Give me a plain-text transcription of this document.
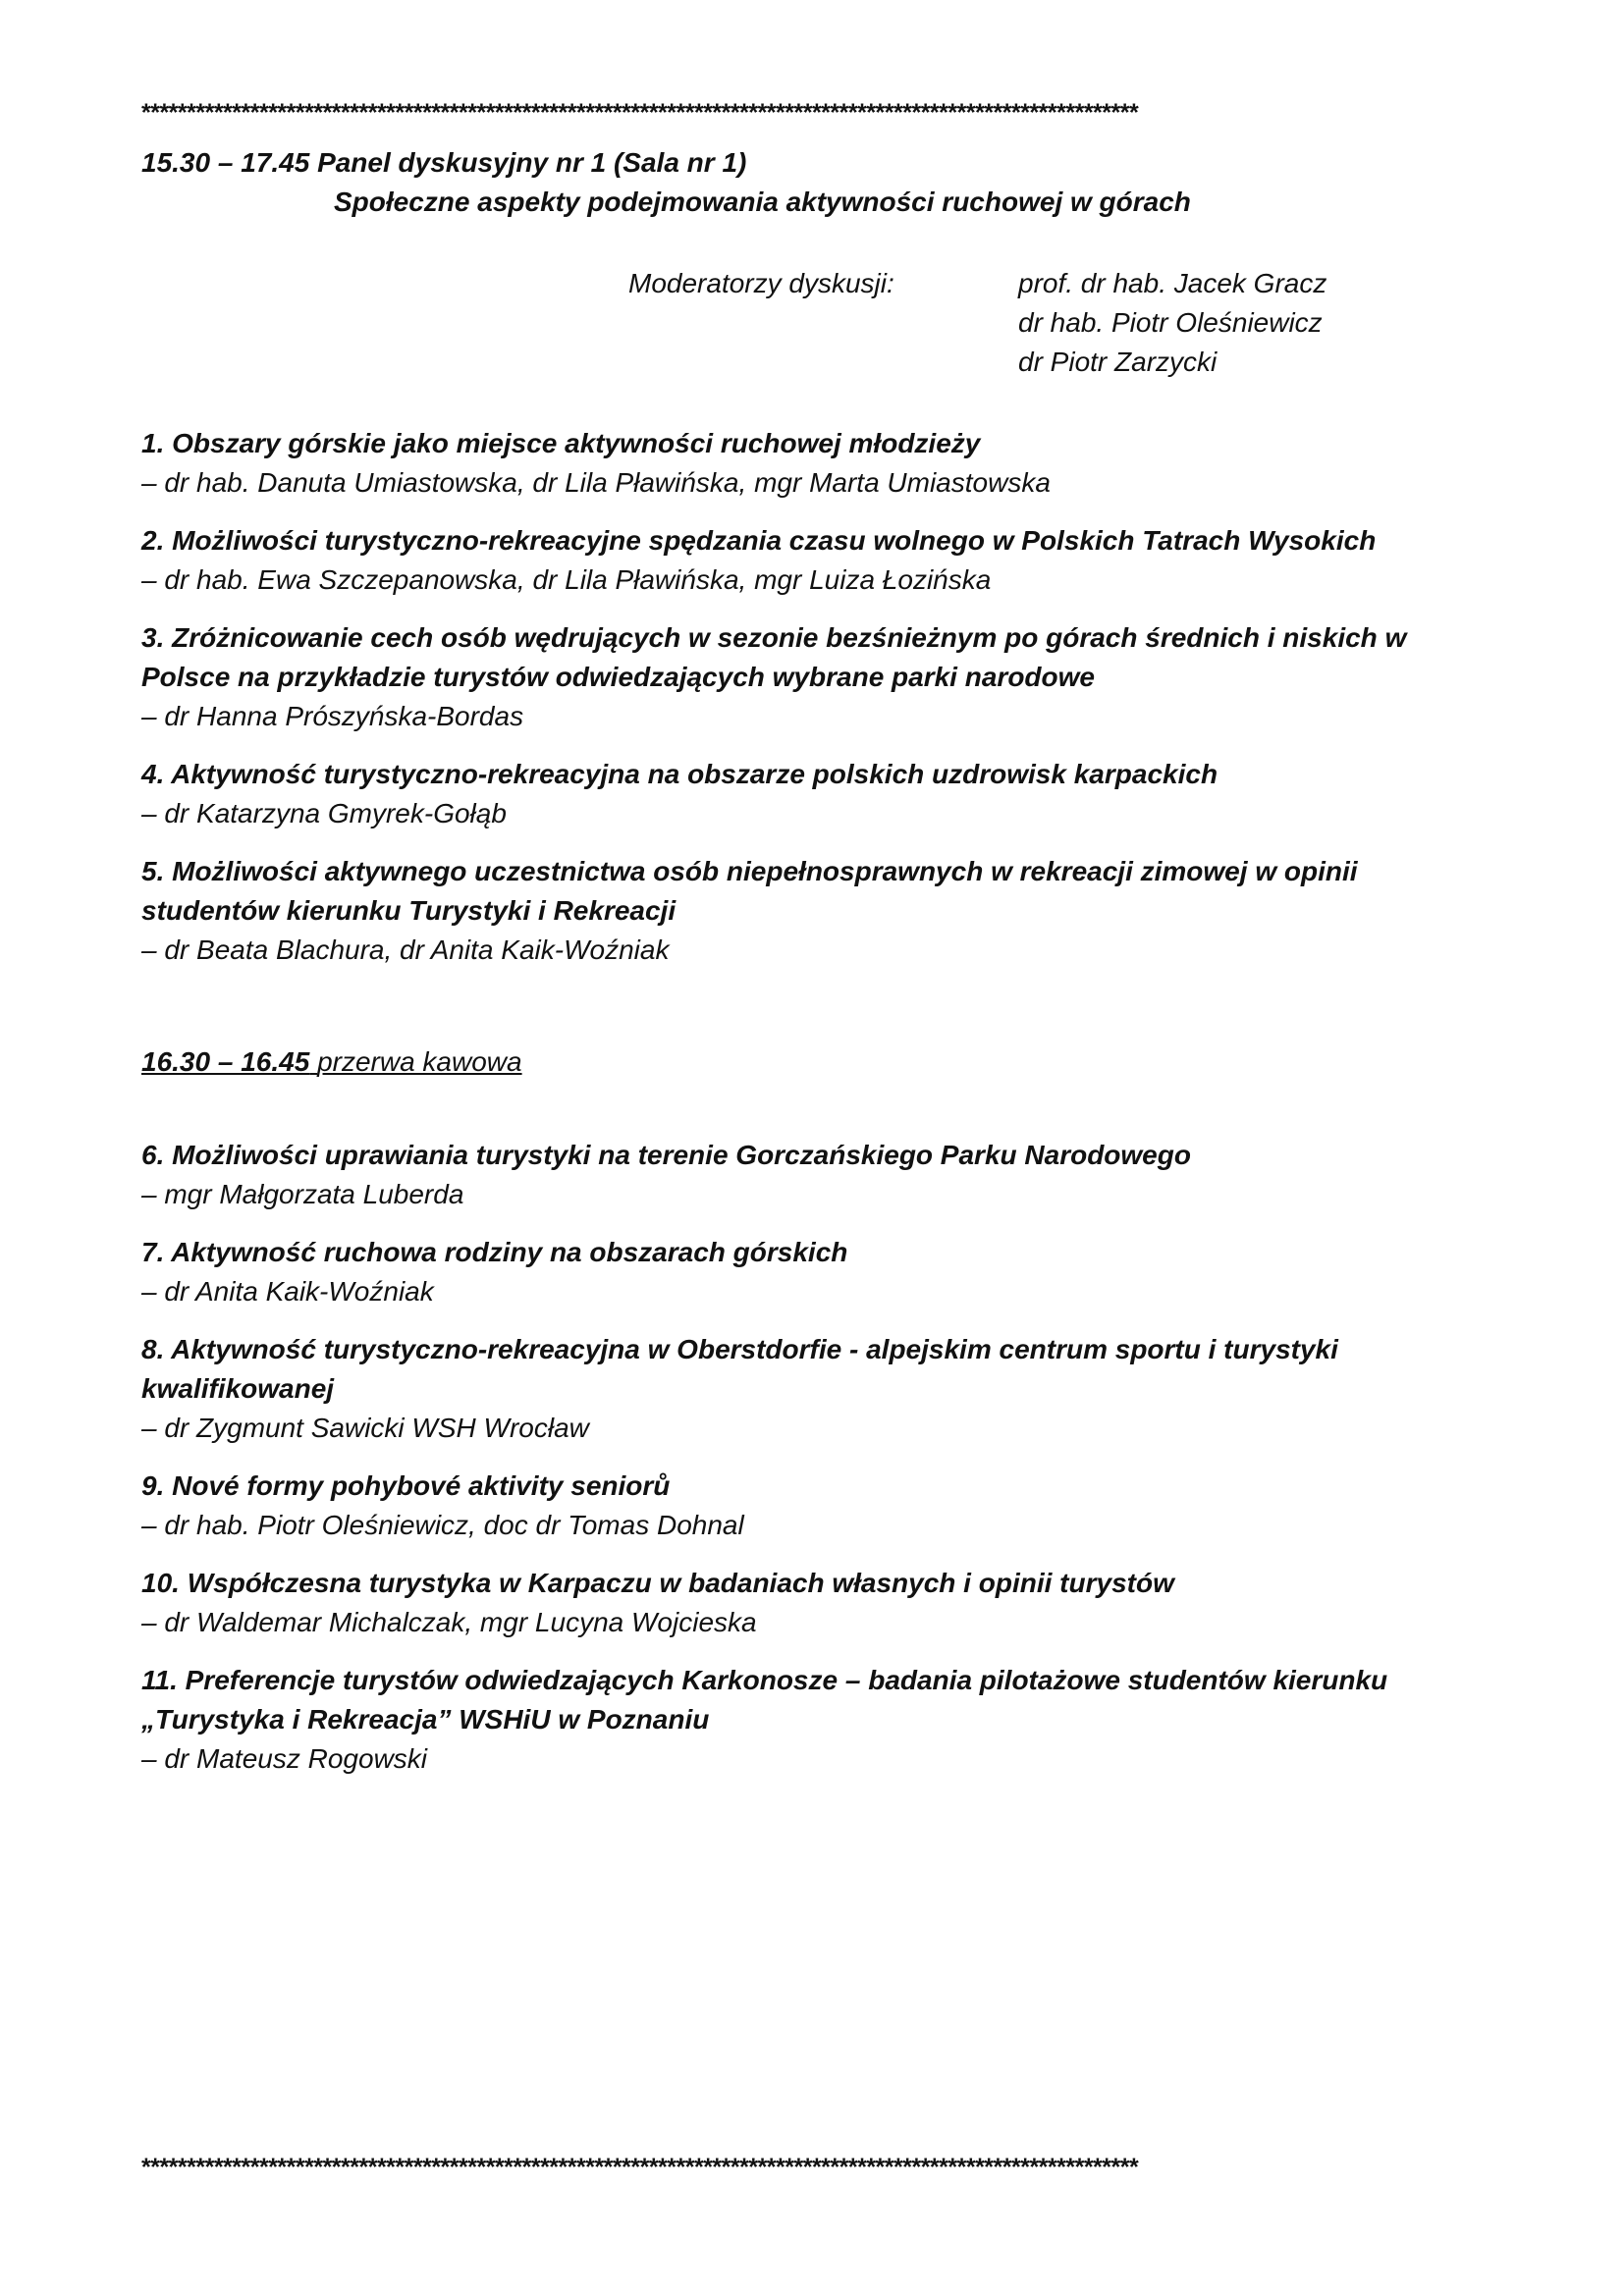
**************************************************************************************************************
15.30 – 17.45 Panel dyskusyjny nr 1 (Sala nr 1)
Społeczne aspekty podejmowania aktywności ruchowej w górach
Moderatorzy dyskusji:	prof. dr hab. Jacek Gracz
dr hab. Piotr Oleśniewicz
dr Piotr Zarzycki
1. Obszary górskie jako miejsce aktywności ruchowej młodzieży
– dr hab. Danuta Umiastowska, dr Lila Pławińska, mgr Marta Umiastowska
2. Możliwości turystyczno-rekreacyjne spędzania czasu wolnego w Polskich Tatrach Wysokich
– dr hab. Ewa Szczepanowska, dr Lila Pławińska, mgr Luiza Łozińska
3. Zróżnicowanie cech osób wędrujących w sezonie bezśnieżnym po górach średnich i niskich w Polsce na przykładzie turystów odwiedzających wybrane parki narodowe
– dr Hanna Prószyńska-Bordas
4. Aktywność turystyczno-rekreacyjna na obszarze polskich uzdrowisk karpackich
– dr Katarzyna Gmyrek-Gołąb
5. Możliwości aktywnego uczestnictwa osób niepełnosprawnych w rekreacji zimowej w opinii studentów kierunku Turystyki i Rekreacji
– dr Beata Blachura, dr Anita Kaik-Woźniak
16.30 – 16.45 przerwa kawowa
6. Możliwości uprawiania turystyki na terenie Gorczańskiego Parku Narodowego
– mgr Małgorzata Luberda
7. Aktywność ruchowa rodziny na obszarach górskich
– dr Anita Kaik-Woźniak
8. Aktywność turystyczno-rekreacyjna w Oberstdorfie - alpejskim centrum sportu i turystyki kwalifikowanej
– dr Zygmunt Sawicki WSH Wrocław
9. Nové formy pohybové aktivity seniorů
– dr hab. Piotr Oleśniewicz, doc dr Tomas Dohnal
10. Współczesna turystyka w Karpaczu w badaniach własnych i opinii turystów
– dr Waldemar Michalczak, mgr Lucyna Wojcieska
11. Preferencje turystów odwiedzających Karkonosze – badania pilotażowe studentów kierunku „Turystyka i Rekreacja” WSHiU w Poznaniu
– dr Mateusz Rogowski
**************************************************************************************************************
